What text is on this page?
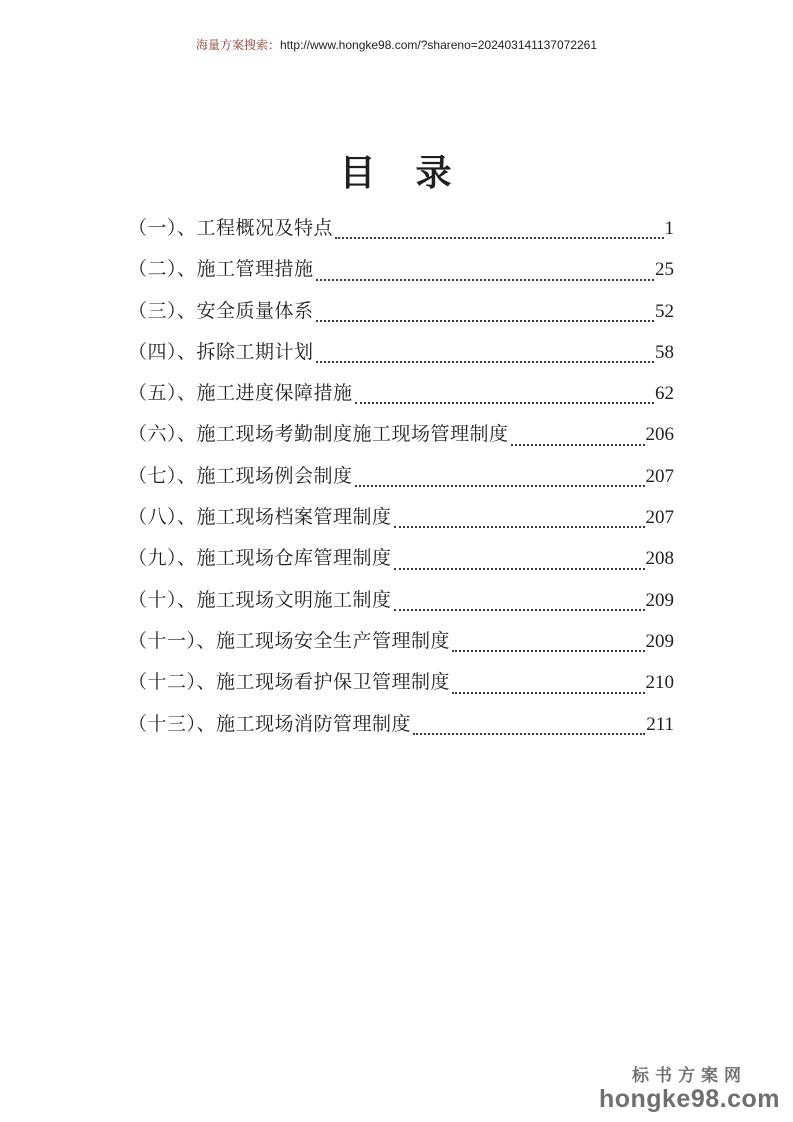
海量方案搜索：http://www.hongke98.com/?shareno=202403141137072261
目　录
（一）、工程概况及特点	1
（二）、施工管理措施	25
（三）、安全质量体系	52
（四）、拆除工期计划	58
（五）、施工进度保障措施	62
（六）、施工现场考勤制度施工现场管理制度	206
（七）、施工现场例会制度	207
（八）、施工现场档案管理制度	207
（九）、施工现场仓库管理制度	208
（十）、施工现场文明施工制度	209
（十一）、施工现场安全生产管理制度	209
（十二）、施工现场看护保卫管理制度	210
（十三）、施工现场消防管理制度	211
标书方案网
hongke98.com
